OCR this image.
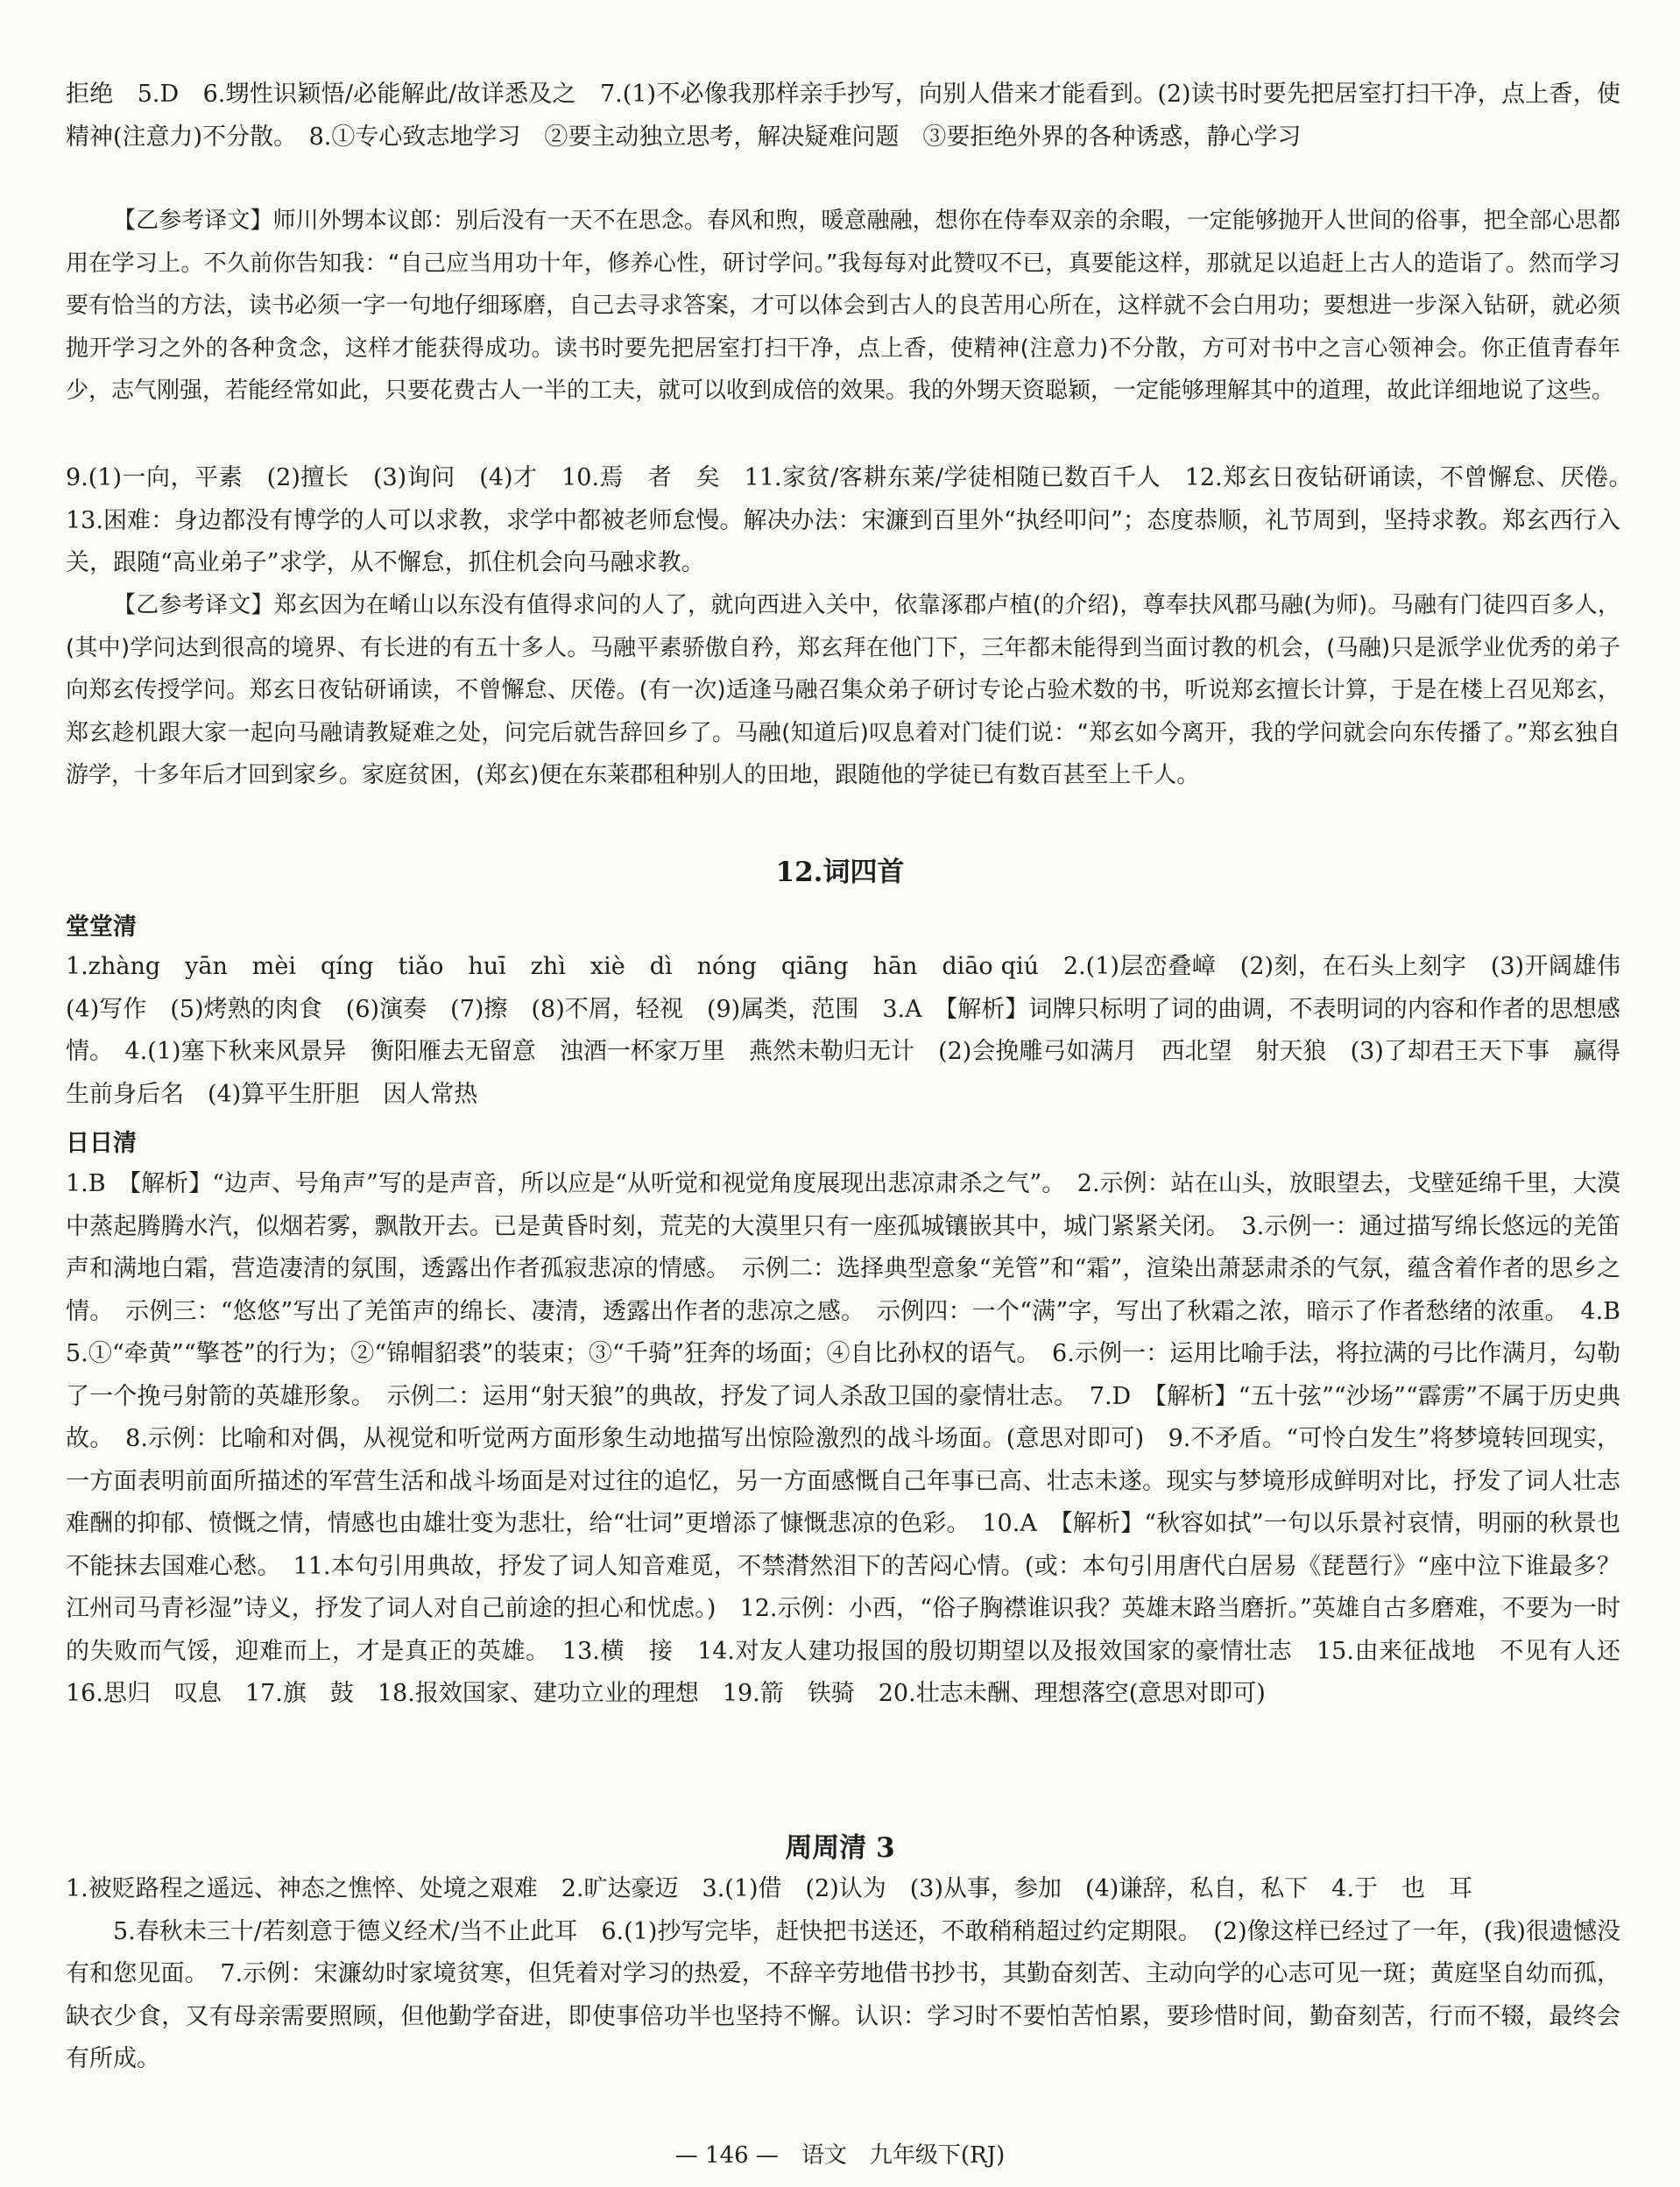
拒绝　5.D　6.甥性识颖悟/必能解此/故详悉及之　7.(1)不必像我那样亲手抄写，向别人借来才能看到。(2)读书时要先把居室打扫干净，点上香，使精神(注意力)不分散。　8.①专心致志地学习　②要主动独立思考，解决疑难问题　③要拒绝外界的各种诱惑，静心学习

【乙参考译文】师川外甥本议郎：别后没有一天不在思念。春风和煦，暖意融融，想你在侍奉双亲的余暇，一定能够抛开人世间的俗事，把全部心思都用在学习上。不久前你告知我：“自己应当用功十年，修养心性，研讨学问。”我每每对此赞叹不已，真要能这样，那就足以追赶上古人的造诣了。然而学习要有恰当的方法，读书必须一字一句地仔细琢磨，自己去寻求答案，才可以体会到古人的良苦用心所在，这样就不会白用功；要想进一步深入钻研，就必须抛开学习之外的各种贪念，这样才能获得成功。读书时要先把居室打扫干净，点上香，使精神(注意力)不分散，方可对书中之言心领神会。你正值青春年少，志气刚强，若能经常如此，只要花费古人一半的工夫，就可以收到成倍的效果。我的外甥天资聪颖，一定能够理解其中的道理，故此详细地说了这些。

9.(1)一向，平素　(2)擅长　(3)询问　(4)才　10.焉　者　矣　11.家贫/客耕东莱/学徒相随已数百千人　12.郑玄日夜钻研诵读，不曾懈怠、厌倦。　13.困难：身边都没有博学的人可以求教，求学中都被老师怠慢。解决办法：宋濂到百里外“执经叩问”；态度恭顺，礼节周到，坚持求教。郑玄西行入关，跟随“高业弟子”求学，从不懈怠，抓住机会向马融求教。

【乙参考译文】郑玄因为在崤山以东没有值得求问的人了，就向西进入关中，依靠涿郡卢植(的介绍)，尊奉扶风郡马融(为师)。马融有门徒四百多人，(其中)学问达到很高的境界、有长进的有五十多人。马融平素骄傲自矜，郑玄拜在他门下，三年都未能得到当面讨教的机会，(马融)只是派学业优秀的弟子向郑玄传授学问。郑玄日夜钻研诵读，不曾懈怠、厌倦。(有一次)适逢马融召集众弟子研讨专论占验术数的书，听说郑玄擅长计算，于是在楼上召见郑玄，郑玄趁机跟大家一起向马融请教疑难之处，问完后就告辞回乡了。马融(知道后)叹息着对门徒们说：“郑玄如今离开，我的学问就会向东传播了。”郑玄独自游学，十多年后才回到家乡。家庭贫困，(郑玄)便在东莱郡租种别人的田地，跟随他的学徒已有数百甚至上千人。

12.词四首
堂堂清

1.zhàng　yān　mèi　qíng　tiǎo　huī　zhì　xiè　dì　nóng　qiāng　hān　diāo qiú　2.(1)层峦叠嶂　(2)刻，在石头上刻字　(3)开阔雄伟　(4)写作　(5)烤熟的肉食　(6)演奏　(7)擦　(8)不屑，轻视　(9)属类，范围　3.A　【解析】词牌只标明了词的曲调，不表明词的内容和作者的思想感情。　4.(1)塞下秋来风景异　衡阳雁去无留意　浊酒一杯家万里　燕然未勒归无计　(2)会挽雕弓如满月　西北望　射天狼　(3)了却君王天下事　赢得生前身后名　(4)算平生肝胆　因人常热

日日清

1.B　【解析】“边声、号角声”写的是声音，所以应是“从听觉和视觉角度展现出悲凉肃杀之气”。　2.示例：站在山头，放眼望去，戈壁延绵千里，大漠中蒸起腾腾水汽，似烟若雾，飘散开去。已是黄昏时刻，荒芜的大漠里只有一座孤城镶嵌其中，城门紧紧关闭。　3.示例一：通过描写绵长悠远的羌笛声和满地白霜，营造凄清的氛围，透露出作者孤寂悲凉的情感。　示例二：选择典型意象“羌管”和“霜”，渲染出萧瑟肃杀的气氛，蕴含着作者的思乡之情。　示例三：“悠悠”写出了羌笛声的绵长、凄清，透露出作者的悲凉之感。　示例四：一个“满”字，写出了秋霜之浓，暗示了作者愁绪的浓重。　4.B　5.①“牵黄”“擎苍”的行为；②“锦帽貂裘”的装束；③“千骑”狂奔的场面；④自比孙权的语气。　6.示例一：运用比喻手法，将拉满的弓比作满月，勾勒了一个挽弓射箭的英雄形象。　示例二：运用“射天狼”的典故，抒发了词人杀敌卫国的豪情壮志。　7.D　【解析】“五十弦”“沙场”“霹雳”不属于历史典故。　8.示例：比喻和对偶，从视觉和听觉两方面形象生动地描写出惊险激烈的战斗场面。(意思对即可)　9.不矛盾。“可怜白发生”将梦境转回现实，一方面表明前面所描述的军营生活和战斗场面是对过往的追忆，另一方面感慨自己年事已高、壮志未遂。现实与梦境形成鲜明对比，抒发了词人壮志难酬的抑郁、愤慨之情，情感也由雄壮变为悲壮，给“壮词”更增添了慷慨悲凉的色彩。　10.A　【解析】“秋容如拭”一句以乐景衬哀情，明丽的秋景也不能抹去国难心愁。　11.本句引用典故，抒发了词人知音难觅，不禁潸然泪下的苦闷心情。(或：本句引用唐代白居易《琵琶行》“座中泣下谁最多？江州司马青衫湿”诗义，抒发了词人对自己前途的担心和忧虑。)　12.示例：小西，“俗子胸襟谁识我？英雄末路当磨折。”英雄自古多磨难，不要为一时的失败而气馁，迎难而上，才是真正的英雄。　13.横　接　14.对友人建功报国的殷切期望以及报效国家的豪情壮志　15.由来征战地　不见有人还　16.思归　叹息　17.旗　鼓　18.报效国家、建功立业的理想　19.箭　铁骑　20.壮志未酬、理想落空(意思对即可)

周周清 3

1.被贬路程之遥远、神态之憔悴、处境之艰难　2.旷达豪迈　3.(1)借　(2)认为　(3)从事，参加　(4)谦辞，私自，私下　4.于　也　耳

5.春秋未三十/若刻意于德义经术/当不止此耳　6.(1)抄写完毕，赶快把书送还，不敢稍稍超过约定期限。　(2)像这样已经过了一年，(我)很遗憾没有和您见面。　7.示例：宋濂幼时家境贫寒，但凭着对学习的热爱，不辞辛劳地借书抄书，其勤奋刻苦、主动向学的心志可见一斑；黄庭坚自幼而孤，缺衣少食，又有母亲需要照顾，但他勤学奋进，即使事倍功半也坚持不懈。认识：学习时不要怕苦怕累，要珍惜时间，勤奋刻苦，行而不辍，最终会有所成。

— 146 —　语文　九年级下(RJ)
